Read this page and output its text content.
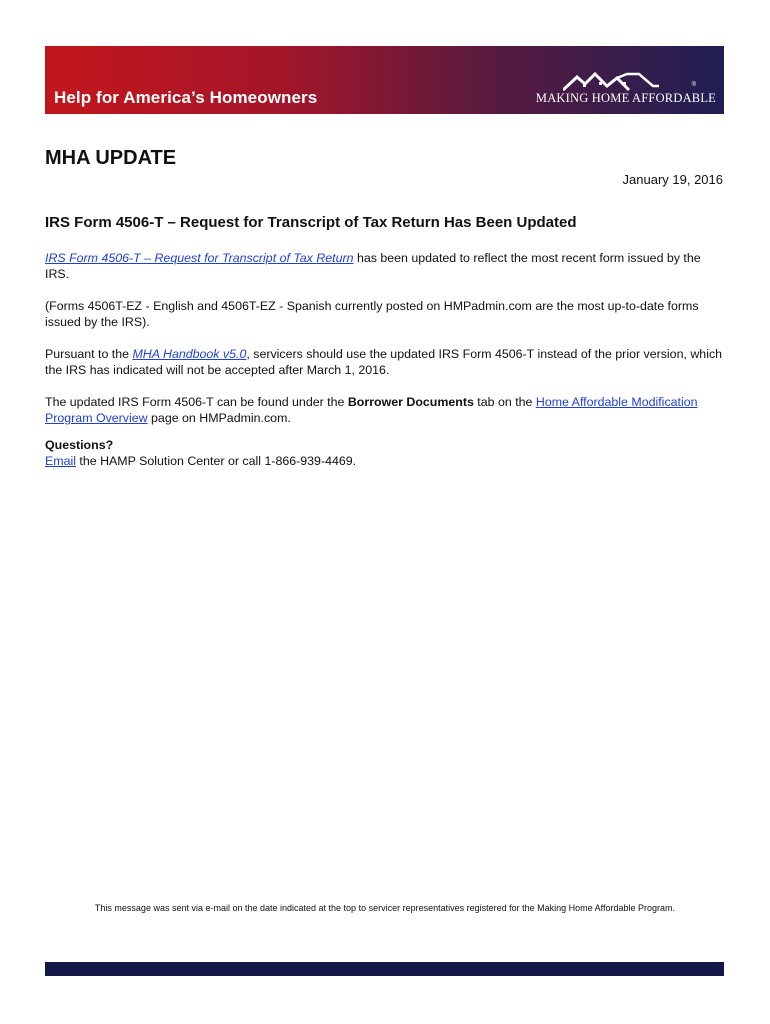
Help for America’s Homeowners
®
MAKING HOME AFFORDABLE
MHA UPDATE
January 19, 2016
IRS Form 4506-T – Request for Transcript of Tax Return Has Been Updated

IRS Form 4506-T – Request for Transcript of Tax Return has been updated to reflect the most recent form issued by the IRS.

(Forms 4506T-EZ - English and 4506T-EZ - Spanish currently posted on HMPadmin.com are the most up-to-date forms issued by the IRS).

Pursuant to the MHA Handbook v5.0, servicers should use the updated IRS Form 4506-T instead of the prior version, which the IRS has indicated will not be accepted after March 1, 2016.

The updated IRS Form 4506-T can be found under the Borrower Documents tab on the Home Affordable Modification Program Overview page on HMPadmin.com.

Questions?
Email the HAMP Solution Center or call 1-866-939-4469.

This message was sent via e-mail on the date indicated at the top to servicer representatives registered for the Making Home Affordable Program.
